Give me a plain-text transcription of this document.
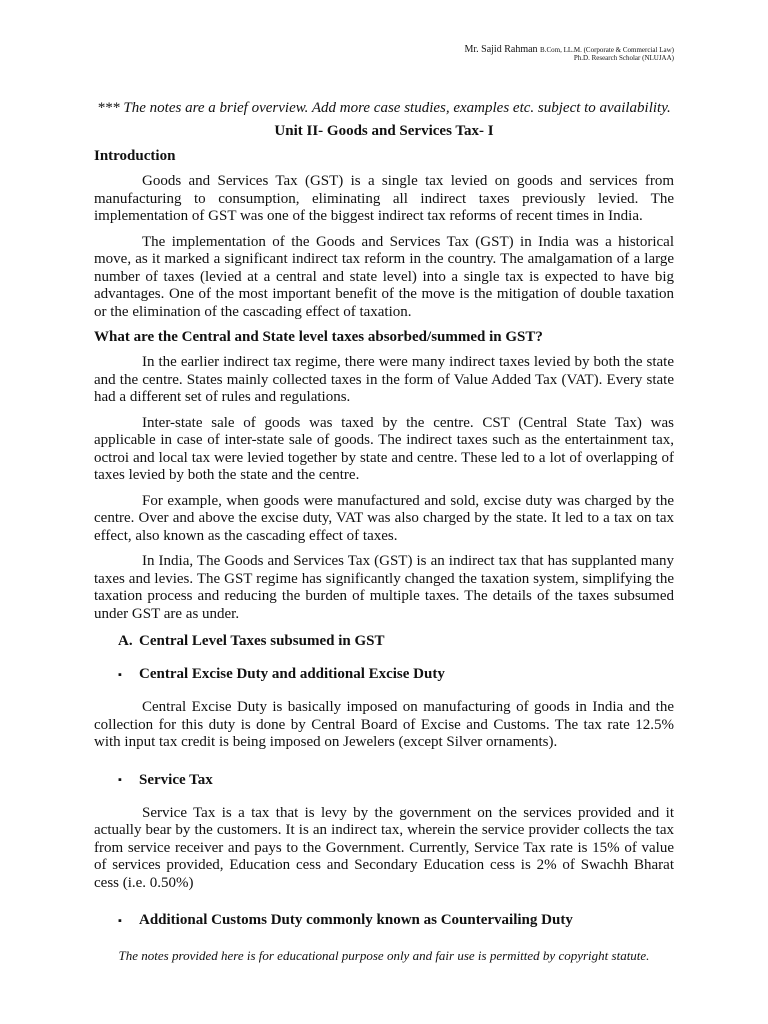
Mr. Sajid Rahman B.Com, LL.M. (Corporate & Commercial Law)
Ph.D. Research Scholar (NLUJAA)
*** The notes are a brief overview. Add more case studies, examples etc. subject to availability.
Unit II- Goods and Services Tax- I
Introduction

Goods and Services Tax (GST) is a single tax levied on goods and services from manufacturing to consumption, eliminating all indirect taxes previously levied. The implementation of GST was one of the biggest indirect tax reforms of recent times in India.

The implementation of the Goods and Services Tax (GST) in India was a historical move, as it marked a significant indirect tax reform in the country. The amalgamation of a large number of taxes (levied at a central and state level) into a single tax is expected to have big advantages. One of the most important benefit of the move is the mitigation of double taxation or the elimination of the cascading effect of taxation.

What are the Central and State level taxes absorbed/summed in GST?

In the earlier indirect tax regime, there were many indirect taxes levied by both the state and the centre. States mainly collected taxes in the form of Value Added Tax (VAT). Every state had a different set of rules and regulations.

Inter-state sale of goods was taxed by the centre. CST (Central State Tax) was applicable in case of inter-state sale of goods. The indirect taxes such as the entertainment tax, octroi and local tax were levied together by state and centre. These led to a lot of overlapping of taxes levied by both the state and the centre.

For example, when goods were manufactured and sold, excise duty was charged by the centre. Over and above the excise duty, VAT was also charged by the state. It led to a tax on tax effect, also known as the cascading effect of taxes.

In India, The Goods and Services Tax (GST) is an indirect tax that has supplanted many taxes and levies. The GST regime has significantly changed the taxation system, simplifying the taxation process and reducing the burden of multiple taxes. The details of the taxes subsumed under GST are as under.

A. Central Level Taxes subsumed in GST
▪ Central Excise Duty and additional Excise Duty

Central Excise Duty is basically imposed on manufacturing of goods in India and the collection for this duty is done by Central Board of Excise and Customs. The tax rate 12.5% with input tax credit is being imposed on Jewelers (except Silver ornaments).

▪ Service Tax

Service Tax is a tax that is levy by the government on the services provided and it actually bear by the customers. It is an indirect tax, wherein the service provider collects the tax from service receiver and pays to the Government. Currently, Service Tax rate is 15% of value of services provided, Education cess and Secondary Education cess is 2% of Swachh Bharat cess (i.e. 0.50%)

▪ Additional Customs Duty commonly known as Countervailing Duty
The notes provided here is for educational purpose only and fair use is permitted by copyright statute.
